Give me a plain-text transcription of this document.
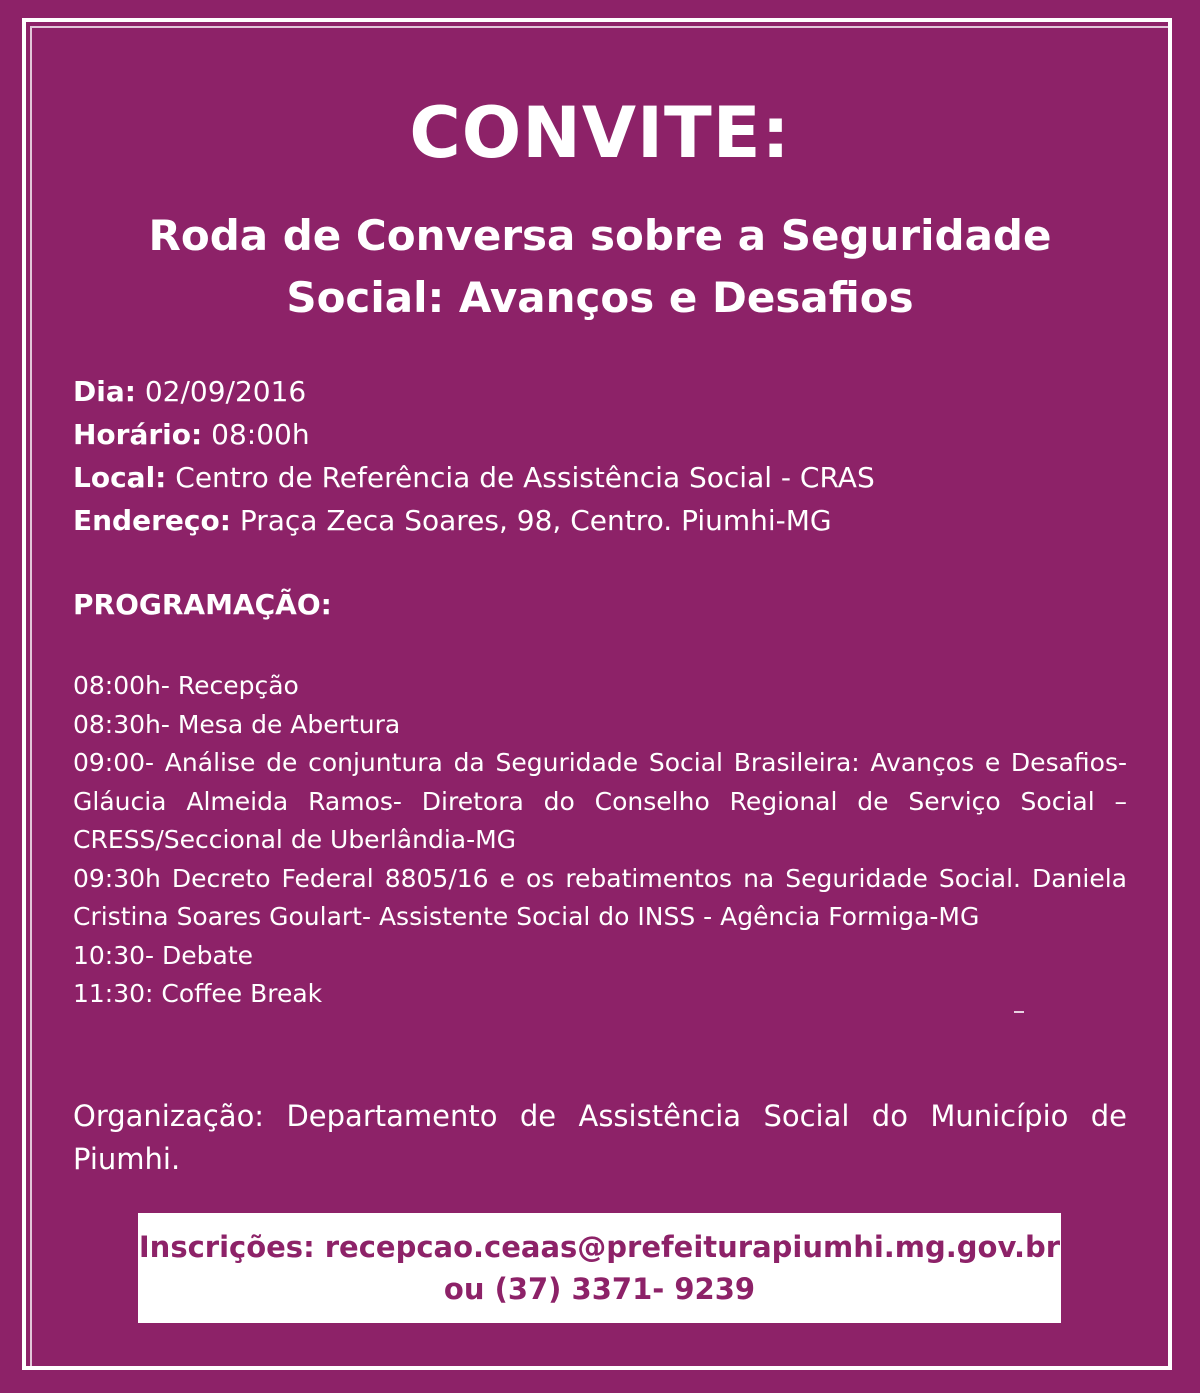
CONVITE:
Roda de Conversa sobre a Seguridade
Social: Avanços e Desafios
Dia: 02/09/2016
Horário: 08:00h
Local: Centro de Referência de Assistência Social - CRAS
Endereço: Praça Zeca Soares, 98, Centro. Piumhi-MG
PROGRAMAÇÃO:
08:00h- Recepção
08:30h- Mesa de Abertura
09:00- Análise de conjuntura da Seguridade Social Brasileira: Avanços e Desafios- Gláucia Almeida Ramos- Diretora do Conselho Regional de Serviço Social – CRESS/Seccional de Uberlândia-MG
09:30h Decreto Federal 8805/16 e os rebatimentos na Seguridade Social. Daniela Cristina Soares Goulart- Assistente Social do INSS - Agência Formiga-MG
10:30- Debate
11:30: Coffee Break
Organização: Departamento de Assistência Social do Município de Piumhi.
Inscrições: recepcao.ceaas@prefeiturapiumhi.mg.gov.br
ou (37) 3371- 9239
